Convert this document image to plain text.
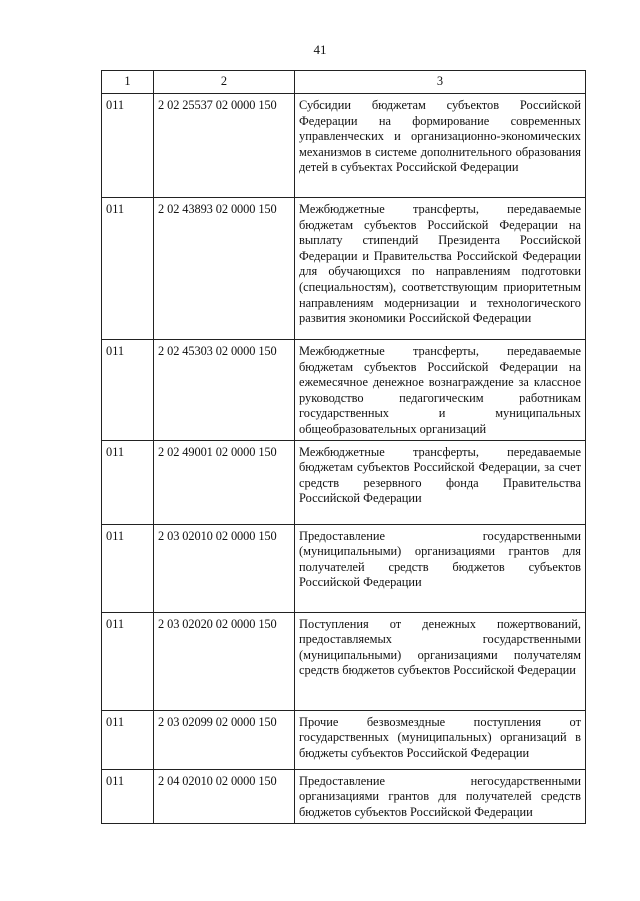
41
1	2	3
011	2 02 25537 02 0000 150	Субсидии бюджетам субъектов Российской Федерации на формирование современных управленческих и организационно-экономических механизмов в системе дополнительного образования детей в субъектах Российской Федерации
011	2 02 43893 02 0000 150	Межбюджетные трансферты, передаваемые бюджетам субъектов Российской Федерации на выплату стипендий Президента Российской Федерации и Правительства Российской Федерации для обучающихся по направлениям подготовки (специальностям), соответствующим приоритетным направлениям модернизации и технологического развития экономики Российской Федерации
011	2 02 45303 02 0000 150	Межбюджетные трансферты, передаваемые бюджетам субъектов Российской Федерации на ежемесячное денежное вознаграждение за классное руководство педагогическим работникам государственных и муниципальных общеобразовательных организаций
011	2 02 49001 02 0000 150	Межбюджетные трансферты, передаваемые бюджетам субъектов Российской Федерации, за счет средств резервного фонда Правительства Российской Федерации
011	2 03 02010 02 0000 150	Предоставление государственными (муниципальными) организациями грантов для получателей средств бюджетов субъектов Российской Федерации
011	2 03 02020 02 0000 150	Поступления от денежных пожертвований, предоставляемых государственными (муниципальными) организациями получателям средств бюджетов субъектов Российской Федерации
011	2 03 02099 02 0000 150	Прочие безвозмездные поступления от государственных (муниципальных) организаций в бюджеты субъектов Российской Федерации
011	2 04 02010 02 0000 150	Предоставление негосударственными организациями грантов для получателей средств бюджетов субъектов Российской Федерации
